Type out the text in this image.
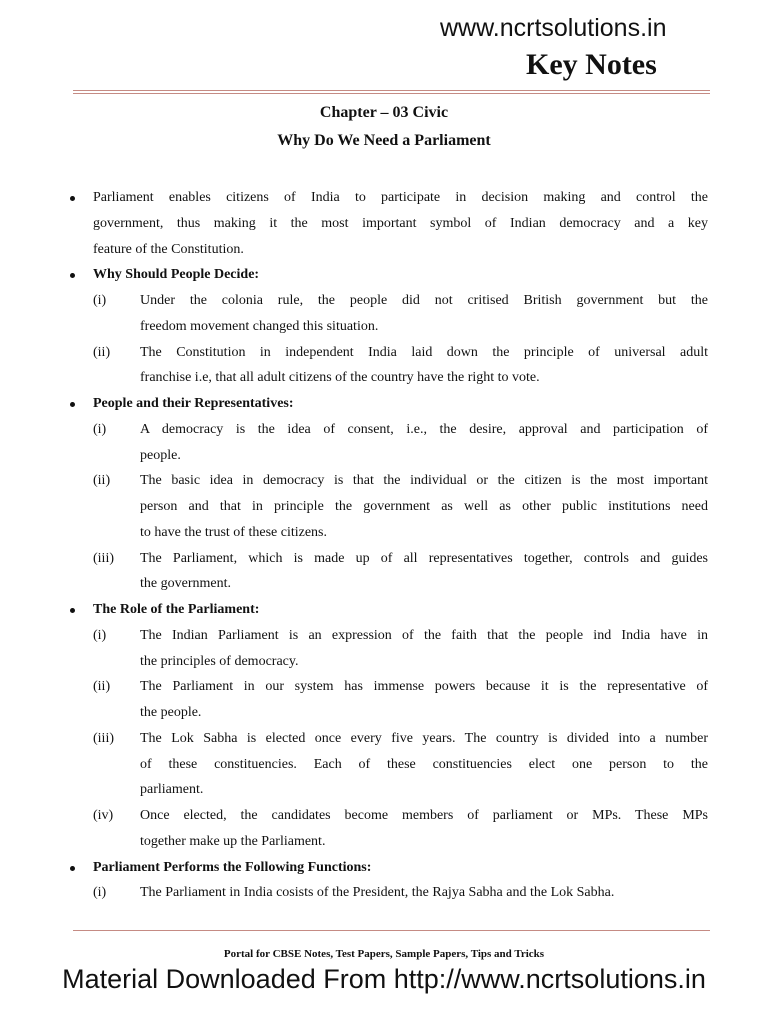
www.ncrtsolutions.in
Key Notes
Chapter – 03 Civic
Why Do We Need a Parliament
Parliament enables citizens of India to participate in decision making and control the
government, thus making it the most important symbol of Indian democracy and a key
feature of the Constitution.
Why Should People Decide:
(i)	Under the colonia rule, the people did not critised British government but the
freedom movement changed this situation.
(ii)	The Constitution in independent India laid down the principle of universal adult
franchise i.e, that all adult citizens of the country have the right to vote.
People and their Representatives:
(i)	A democracy is the idea of consent, i.e., the desire, approval and participation of
people.
(ii)	The basic idea in democracy is that the individual or the citizen is the most important
person and that in principle the government as well as other public institutions need
to have the trust of these citizens.
(iii)	The Parliament, which is made up of all representatives together, controls and guides
the government.
The Role of the Parliament:
(i)	The Indian Parliament is an expression of the faith that the people ind India have in
the principles of democracy.
(ii)	The Parliament in our system has immense powers because it is the representative of
the people.
(iii)	The Lok Sabha is elected once every five years. The country is divided into a number
of these constituencies. Each of these constituencies elect one person to the
parliament.
(iv)	Once elected, the candidates become members of parliament or MPs. These MPs
together make up the Parliament.
Parliament Performs the Following Functions:
(i)	The Parliament in India cosists of the President, the Rajya Sabha and the Lok Sabha.
Portal for CBSE Notes, Test Papers, Sample Papers, Tips and Tricks
Material Downloaded From http://www.ncrtsolutions.in
